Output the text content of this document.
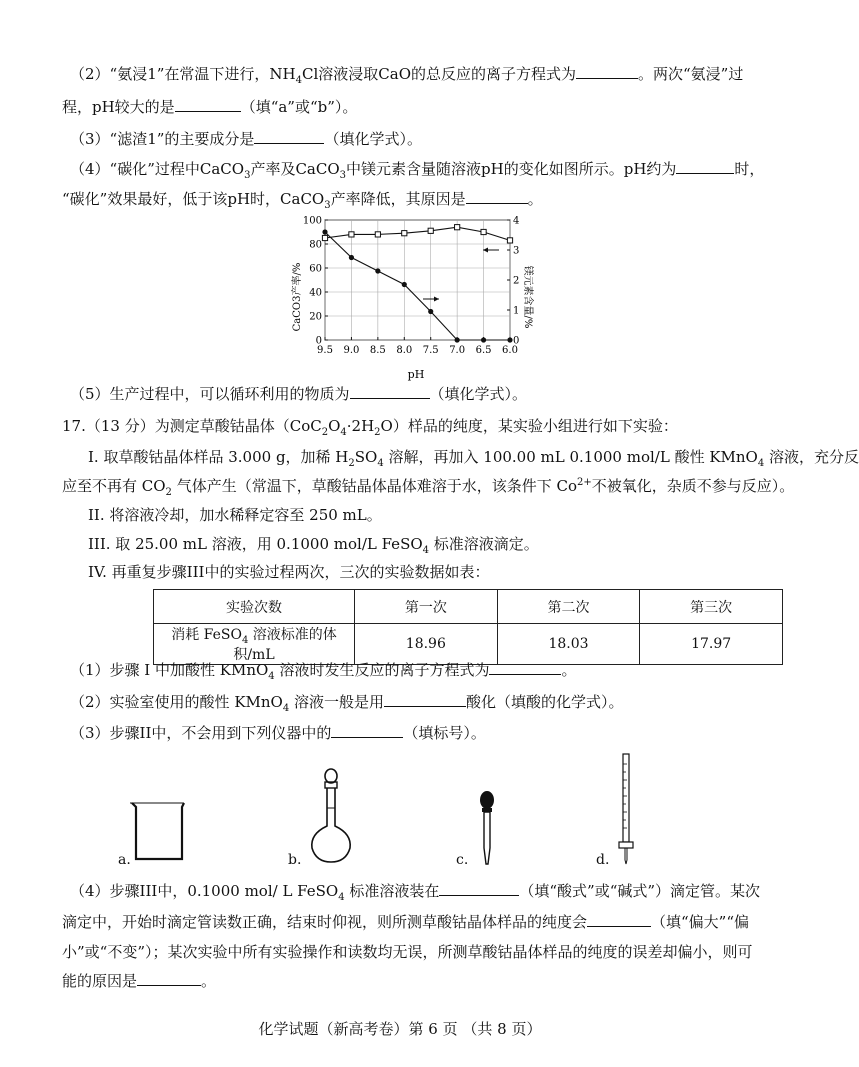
（2）“氨浸1”在常温下进行，$NH_4Cl$溶液浸取CaO的总反应的离子方程式为	。两次“氨浸”过
程，pH较大的是	（填“a”或“b”）。
（3）“滤渣1”的主要成分是	（填化学式）。
（4）“碳化”过程中CaCO$_3$产率及CaCO$_3$中镁元素含量随溶液pH的变化如图所示。pH约为	时，
“碳化”效果最好，低于该pH时，CaCO$_3$产率降低，其原因是	。
0
20
40
60
80
100
0
1
2
3
4
9.5 9.0 8.5 8.0 7.5 7.0 6.5 6.0
CaCO3产率/%	镁元素含量/%
pH
（5）生产过程中，可以循环利用的物质为	（填化学式）。
17.（13 分）为测定草酸钴晶体$(CoC_2O_4\cdot 2H_2O)$样品的纯度，某实验小组进行如下实验：
I. 取草酸钴晶体样品 3.000 g，加稀 $H_2SO_4$ 溶解，再加入 100.00 mL 0.1000 mol/L 酸性 KMnO$_4$ 溶液，充分反
应至不再有 $CO_2$ 气体产生（常温下，草酸钴晶体晶体难溶于水，该条件下 $Co^{2+}$不被氧化，杂质不参与反应）。
II. 将溶液冷却，加水稀释定容至 250 mL。
III. 取 25.00 mL 溶液，用 0.1000 mol/L FeSO$_4$ 标准溶液滴定。
IV. 再重复步骤III中的实验过程两次，三次的实验数据如表：
实验次数	第一次	第二次	第三次
消耗 FeSO$_4$ 溶液标准的体积/mL	18.96	18.03	17.97
（1）步骤 I 中加酸性 KMnO$_4$ 溶液时发生反应的离子方程式为	。
（2）实验室使用的酸性 KMnO$_4$ 溶液一般是用	酸化（填酸的化学式）。
（3）步骤II中，不会用到下列仪器中的	（填标号）。
a.	b.	c.	d.
（4）步骤III中，0.1000 mol/ L FeSO$_4$ 标准溶液装在	（填“酸式”或“碱式”）滴定管。某次
滴定中，开始时滴定管读数正确，结束时仰视，则所测草酸钴晶体样品的纯度会	（填“偏大”“偏
小”或“不变”）；某次实验中所有实验操作和读数均无误，所测草酸钴晶体样品的纯度的误差却偏小，则可
能的原因是	。
化学试题（新高考卷）第 6 页 （共 8 页）
